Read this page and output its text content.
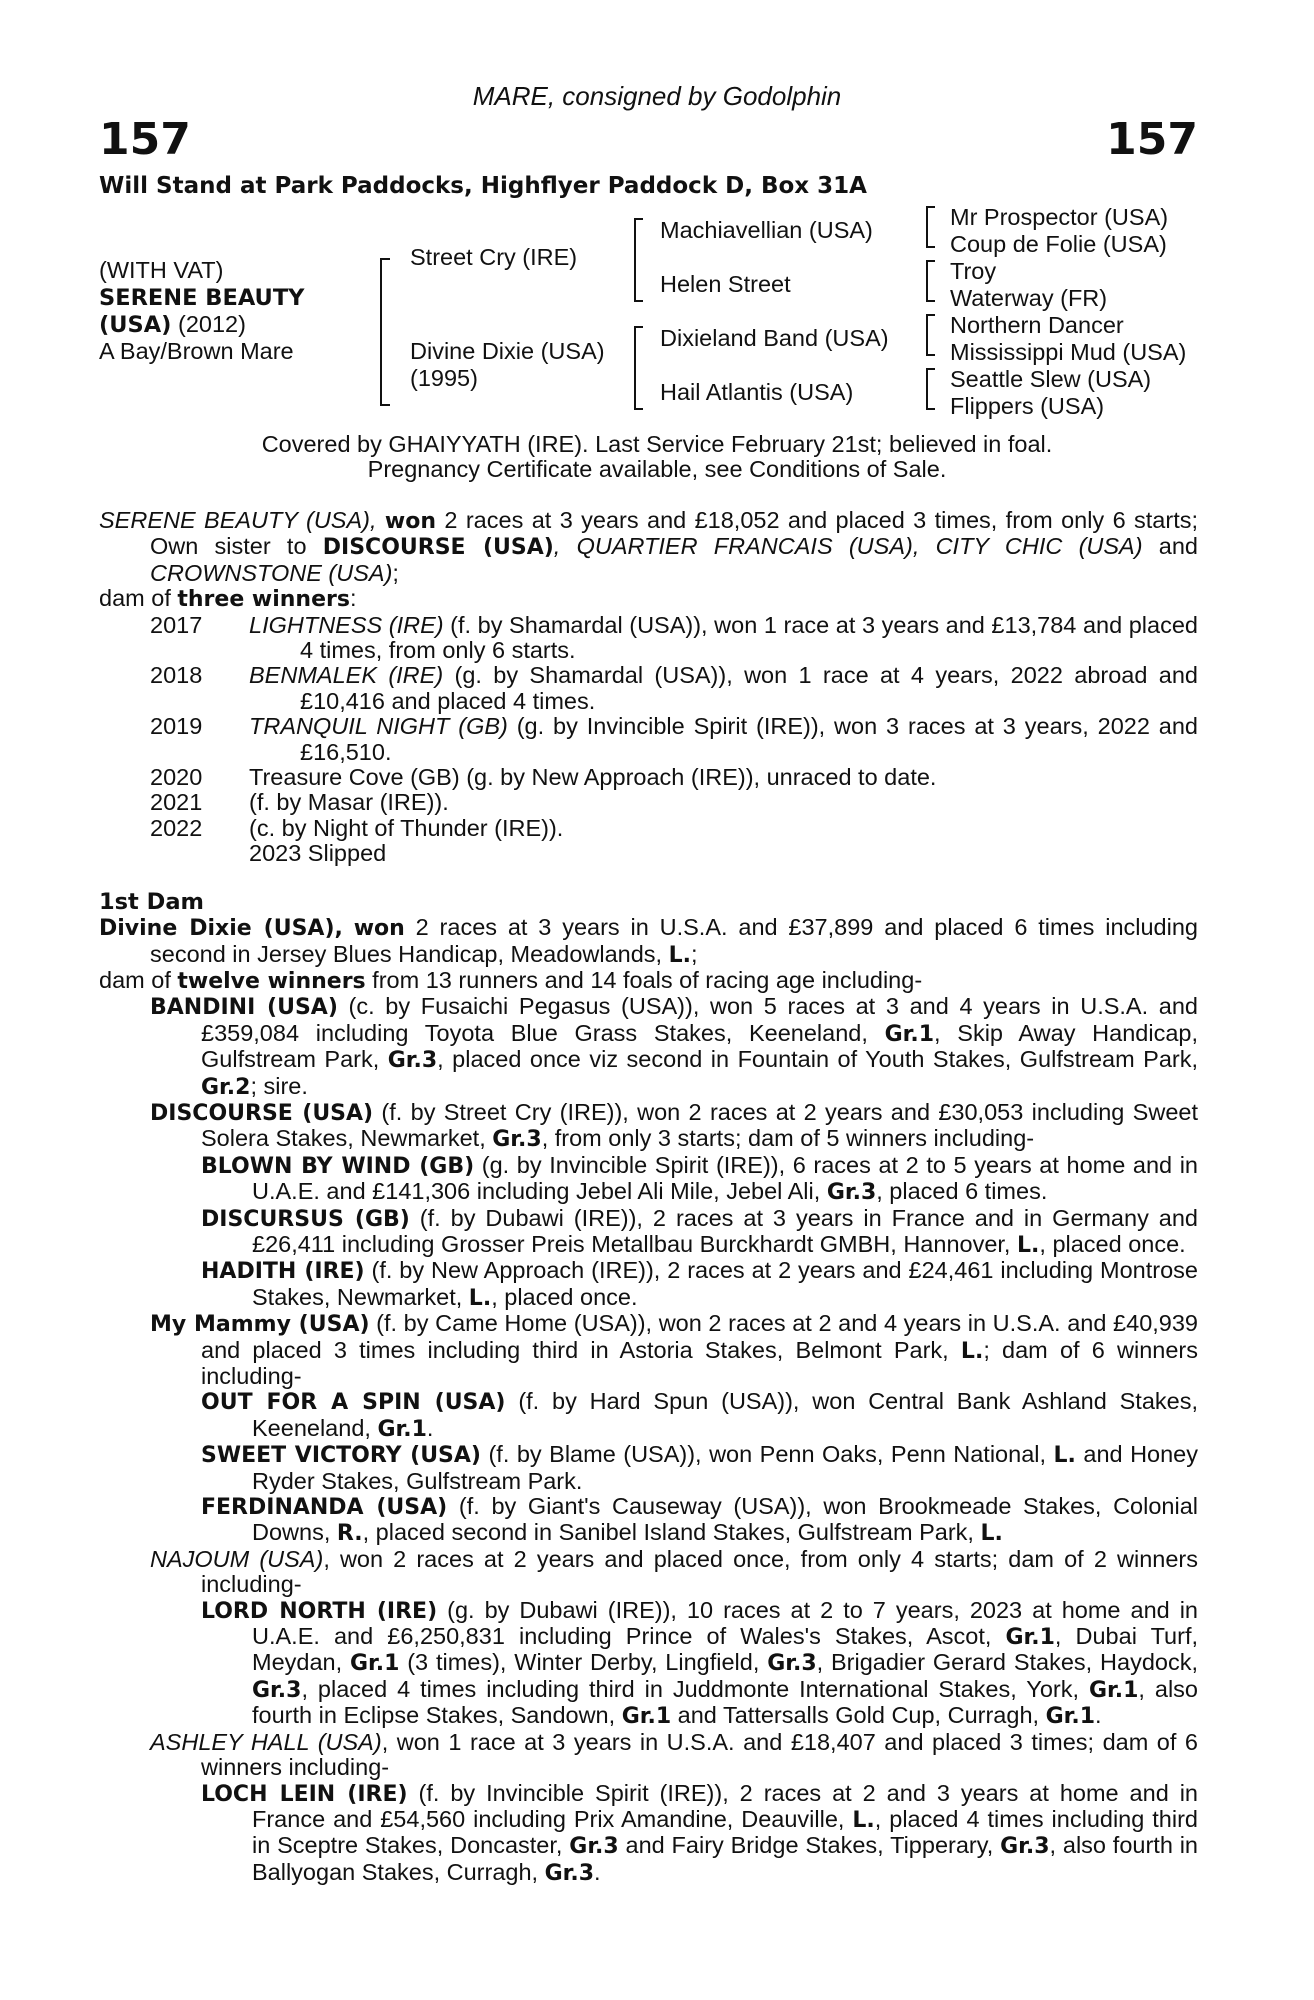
MARE, consigned by Godolphin
157	157
Will Stand at Park Paddocks, Highflyer Paddock D, Box 31A
(WITH VAT)
SERENE BEAUTY
(USA) (2012)
A Bay/Brown Mare
Street Cry (IRE)
Divine Dixie (USA)
(1995)
Machiavellian (USA)
Helen Street
Dixieland Band (USA)
Hail Atlantis (USA)
Mr Prospector (USA)
Coup de Folie (USA)
Troy
Waterway (FR)
Northern Dancer
Mississippi Mud (USA)
Seattle Slew (USA)
Flippers (USA)
Covered by GHAIYYATH (IRE). Last Service February 21st; believed in foal.
Pregnancy Certificate available, see Conditions of Sale.

SERENE BEAUTY (USA), won 2 races at 3 years and £18,052 and placed 3 times, from only 6 starts; Own sister to DISCOURSE (USA), QUARTIER FRANCAIS (USA), CITY CHIC (USA) and CROWNSTONE (USA);

dam of three winners:

2017	LIGHTNESS (IRE) (f. by Shamardal (USA)), won 1 race at 3 years and £13,784 and placed 4 times, from only 6 starts.
2018	BENMALEK (IRE) (g. by Shamardal (USA)), won 1 race at 4 years, 2022 abroad and £10,416 and placed 4 times.
2019	TRANQUIL NIGHT (GB) (g. by Invincible Spirit (IRE)), won 3 races at 3 years, 2022 and £16,510.
2020	Treasure Cove (GB) (g. by New Approach (IRE)), unraced to date.
2021	(f. by Masar (IRE)).
2022	(c. by Night of Thunder (IRE)).
2023 Slipped
1st Dam

Divine Dixie (USA), won 2 races at 3 years in U.S.A. and £37,899 and placed 6 times including second in Jersey Blues Handicap, Meadowlands, L.;

dam of twelve winners from 13 runners and 14 foals of racing age including-

BANDINI (USA) (c. by Fusaichi Pegasus (USA)), won 5 races at 3 and 4 years in U.S.A. and £359,084 including Toyota Blue Grass Stakes, Keeneland, Gr.1, Skip Away Handicap, Gulfstream Park, Gr.3, placed once viz second in Fountain of Youth Stakes, Gulfstream Park, Gr.2; sire.

DISCOURSE (USA) (f. by Street Cry (IRE)), won 2 races at 2 years and £30,053 including Sweet Solera Stakes, Newmarket, Gr.3, from only 3 starts; dam of 5 winners including-

BLOWN BY WIND (GB) (g. by Invincible Spirit (IRE)), 6 races at 2 to 5 years at home and in U.A.E. and £141,306 including Jebel Ali Mile, Jebel Ali, Gr.3, placed 6 times.

DISCURSUS (GB) (f. by Dubawi (IRE)), 2 races at 3 years in France and in Germany and £26,411 including Grosser Preis Metallbau Burckhardt GMBH, Hannover, L., placed once.

HADITH (IRE) (f. by New Approach (IRE)), 2 races at 2 years and £24,461 including Montrose Stakes, Newmarket, L., placed once.

My Mammy (USA) (f. by Came Home (USA)), won 2 races at 2 and 4 years in U.S.A. and £40,939 and placed 3 times including third in Astoria Stakes, Belmont Park, L.; dam of 6 winners including-

OUT FOR A SPIN (USA) (f. by Hard Spun (USA)), won Central Bank Ashland Stakes, Keeneland, Gr.1.

SWEET VICTORY (USA) (f. by Blame (USA)), won Penn Oaks, Penn National, L. and Honey Ryder Stakes, Gulfstream Park.

FERDINANDA (USA) (f. by Giant's Causeway (USA)), won Brookmeade Stakes, Colonial Downs, R., placed second in Sanibel Island Stakes, Gulfstream Park, L.

NAJOUM (USA), won 2 races at 2 years and placed once, from only 4 starts; dam of 2 winners including-

LORD NORTH (IRE) (g. by Dubawi (IRE)), 10 races at 2 to 7 years, 2023 at home and in U.A.E. and £6,250,831 including Prince of Wales's Stakes, Ascot, Gr.1, Dubai Turf, Meydan, Gr.1 (3 times), Winter Derby, Lingfield, Gr.3, Brigadier Gerard Stakes, Haydock, Gr.3, placed 4 times including third in Juddmonte International Stakes, York, Gr.1, also fourth in Eclipse Stakes, Sandown, Gr.1 and Tattersalls Gold Cup, Curragh, Gr.1.

ASHLEY HALL (USA), won 1 race at 3 years in U.S.A. and £18,407 and placed 3 times; dam of 6 winners including-

LOCH LEIN (IRE) (f. by Invincible Spirit (IRE)), 2 races at 2 and 3 years at home and in France and £54,560 including Prix Amandine, Deauville, L., placed 4 times including third in Sceptre Stakes, Doncaster, Gr.3 and Fairy Bridge Stakes, Tipperary, Gr.3, also fourth in Ballyogan Stakes, Curragh, Gr.3.
